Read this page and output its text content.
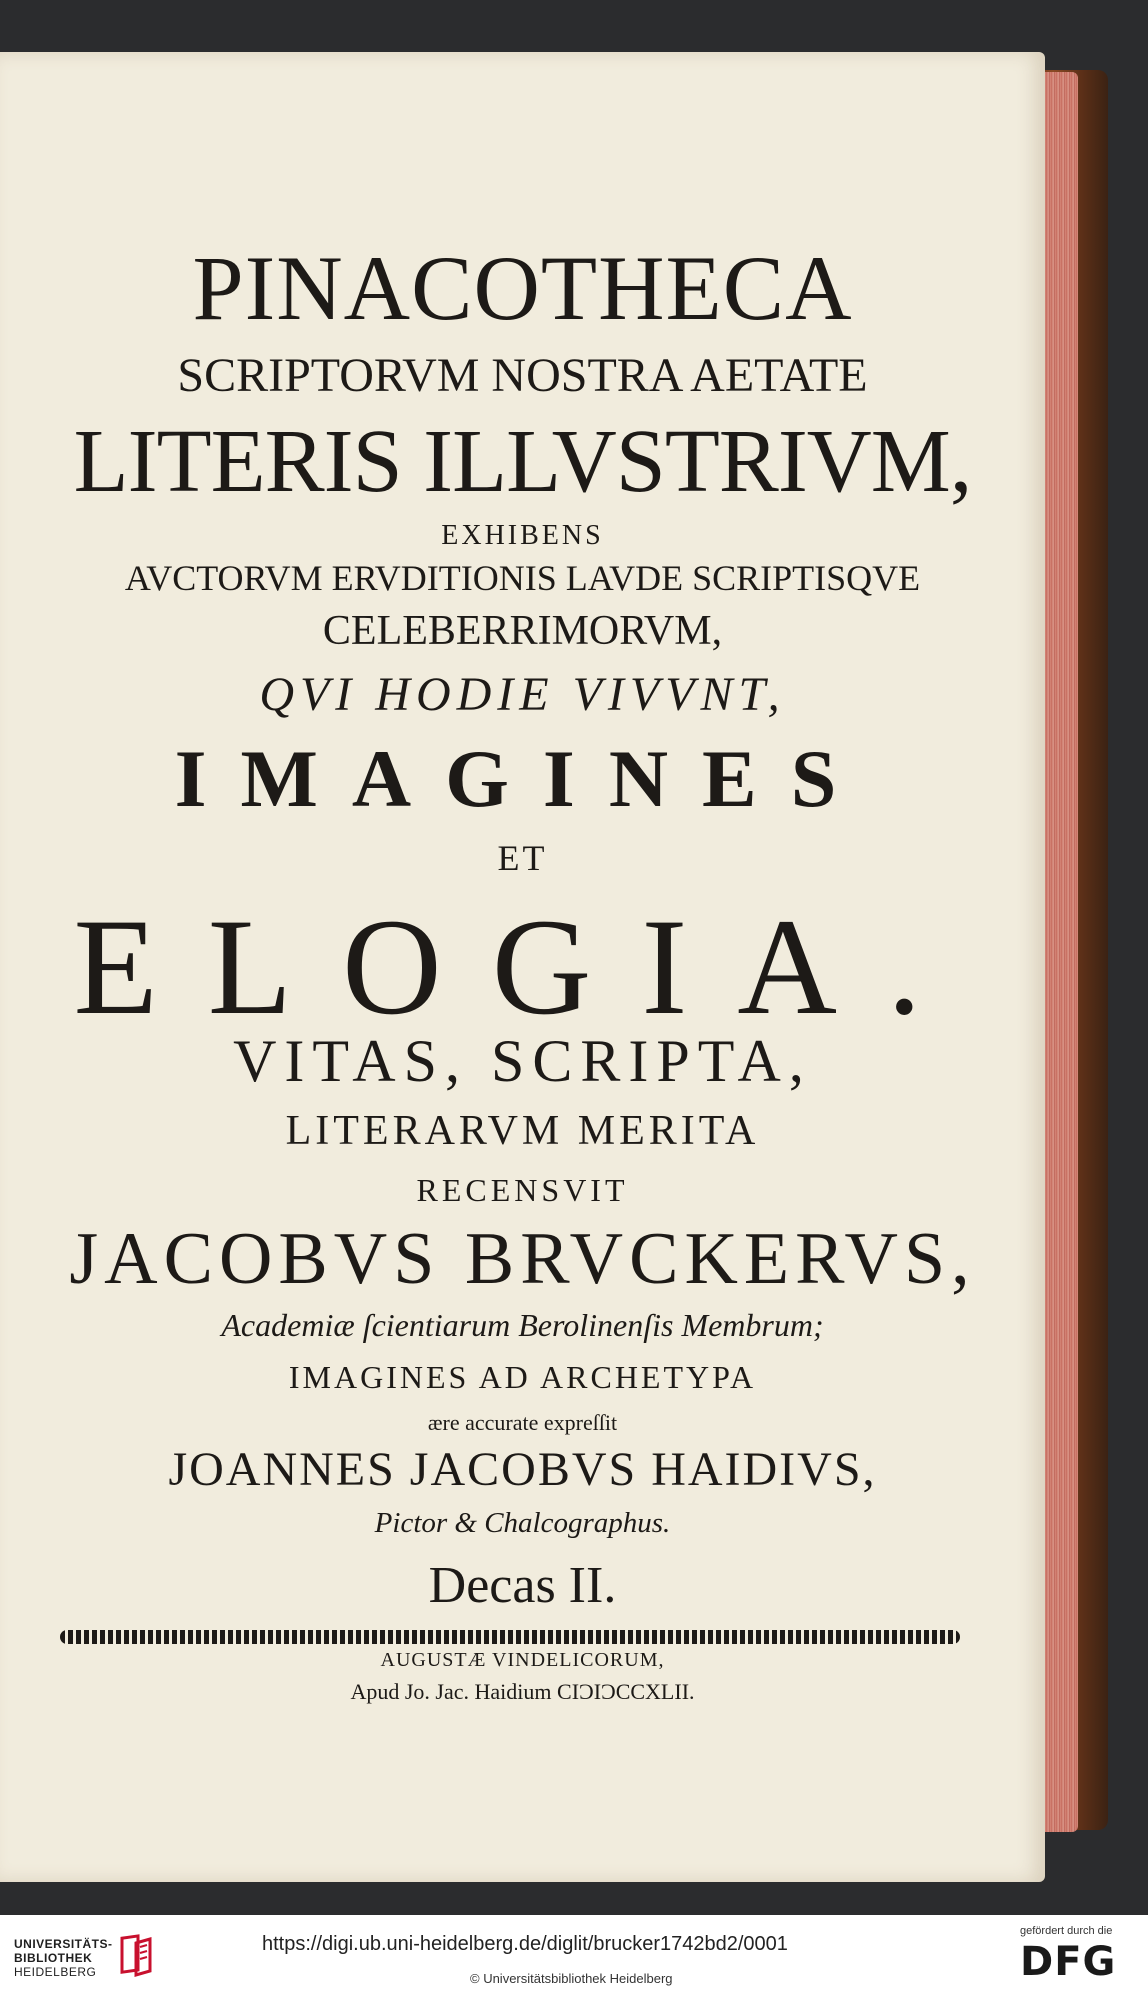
PINACOTHECA
SCRIPTORVM NOSTRA AETATE
LITERIS ILLVSTRIVM,
EXHIBENS
AVCTORVM ERVDITIONIS LAVDE SCRIPTISQVE
CELEBERRIMORVM,
QVI HODIE VIVVNT,
IMAGINES
ET
ELOGIA.
VITAS, SCRIPTA,
LITERARVM MERITA
RECENSVIT
JACOBVS BRVCKERVS,
Academiæ ſcientiarum Berolinenſis Membrum;
IMAGINES AD ARCHETYPA
ære accurate expreſſit
JOANNES JACOBVS HAIDIVS,
Pictor & Chalcographus.
Decas II.
AUGUSTÆ VINDELICORUM,
Apud Jo. Jac. Haidium CIƆIƆCCXLII.
UNIVERSITÄTS-
BIBLIOTHEK
HEIDELBERG
https://digi.ub.uni-heidelberg.de/diglit/brucker1742bd2/0001
© Universitätsbibliothek Heidelberg
gefördert durch die
DFG
